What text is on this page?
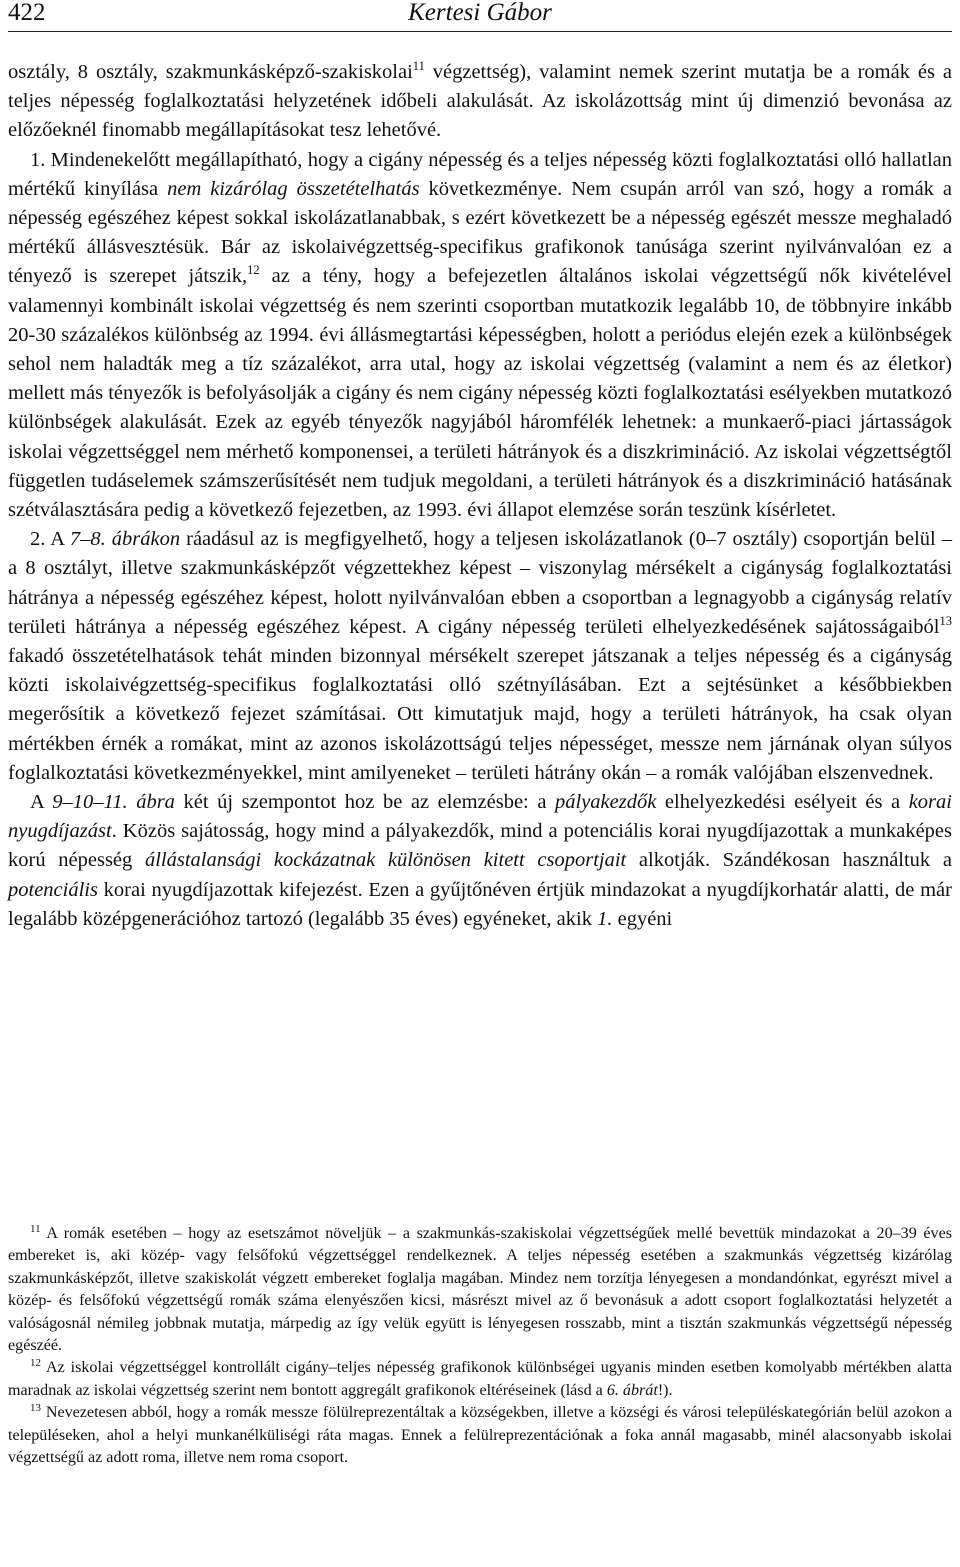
422	Kertesi Gábor

osztály, 8 osztály, szakmunkásképző-szakiskolai$^{11}$ végzettség), valamint nemek szerint mutatja be a romák és a teljes népesség foglalkoztatási helyzetének időbeli alakulását. Az iskolázottság mint új dimenzió bevonása az előzőeknél finomabb megállapításokat tesz lehetővé.

1. Mindenekelőtt megállapítható, hogy a cigány népesség és a teljes népesség közti foglalkoztatási olló hallatlan mértékű kinyílása nem kizárólag összetételhatás következménye. Nem csupán arról van szó, hogy a romák a népesség egészéhez képest sokkal iskolázatlanabbak, s ezért következett be a népesség egészét messze meghaladó mértékű állásvesztésük. Bár az iskolaivégzettség-specifikus grafikonok tanúsága szerint nyilvánvalóan ez a tényező is szerepet játszik,$^{12}$ az a tény, hogy a befejezetlen általános iskolai végzettségű nők kivételével valamennyi kombinált iskolai végzettség és nem szerinti csoportban mutatkozik legalább 10, de többnyire inkább 20-30 százalékos különbség az 1994. évi állásmegtartási képességben, holott a periódus elején ezek a különbségek sehol nem haladták meg a tíz százalékot, arra utal, hogy az iskolai végzettség (valamint a nem és az életkor) mellett más tényezők is befolyásolják a cigány és nem cigány népesség közti foglalkoztatási esélyekben mutatkozó különbségek alakulását. Ezek az egyéb tényezők nagyjából háromfélék lehetnek: a munkaerő-piaci jártasságok iskolai végzettséggel nem mérhető komponensei, a területi hátrányok és a diszkrimináció. Az iskolai végzettségtől független tudáselemek számszerűsítését nem tudjuk megoldani, a területi hátrányok és a diszkrimináció hatásának szétválasztására pedig a következő fejezetben, az 1993. évi állapot elemzése során teszünk kísérletet.

2. A 7–8. ábrákon ráadásul az is megfigyelhető, hogy a teljesen iskolázatlanok (0–7 osztály) csoportján belül – a 8 osztályt, illetve szakmunkásképzőt végzettekhez képest – viszonylag mérsékelt a cigányság foglalkoztatási hátránya a népesség egészéhez képest, holott nyilvánvalóan ebben a csoportban a legnagyobb a cigányság relatív területi hátránya a népesség egészéhez képest. A cigány népesség területi elhelyezkedésének sajátosságaiból$^{13}$ fakadó összetételhatások tehát minden bizonnyal mérsékelt szerepet játszanak a teljes népesség és a cigányság közti iskolaivégzettség-specifikus foglalkoztatási olló szétnyílásában. Ezt a sejtésünket a későbbiekben megerősítik a következő fejezet számításai. Ott kimutatjuk majd, hogy a területi hátrányok, ha csak olyan mértékben érnék a romákat, mint az azonos iskolázottságú teljes népességet, messze nem járnának olyan súlyos foglalkoztatási következményekkel, mint amilyeneket – területi hátrány okán – a romák valójában elszenvednek.

A 9–10–11. ábra két új szempontot hoz be az elemzésbe: a pályakezdők elhelyezkedési esélyeit és a korai nyugdíjazást. Közös sajátosság, hogy mind a pályakezdők, mind a potenciális korai nyugdíjazottak a munkaképes korú népesség állástalansági kockázatnak különösen kitett csoportjait alkotják. Szándékosan használtuk a potenciális korai nyugdíjazottak kifejezést. Ezen a gyűjtőnéven értjük mindazokat a nyugdíjkorhatár alatti, de már legalább középgenerációhoz tartozó (legalább 35 éves) egyéneket, akik 1. egyéni

$^{11}$ A romák esetében – hogy az esetszámot növeljük – a szakmunkás-szakiskolai végzettségűek mellé bevettük mindazokat a 20–39 éves embereket is, aki közép- vagy felsőfokú végzettséggel rendelkeznek. A teljes népesség esetében a szakmunkás végzettség kizárólag szakmunkásképzőt, illetve szakiskolát végzett embereket foglalja magában. Mindez nem torzítja lényegesen a mondandónkat, egyrészt mivel a közép- és felsőfokú végzettségű romák száma elenyészően kicsi, másrészt mivel az ő bevonásuk a adott csoport foglalkoztatási helyzetét a valóságosnál némileg jobbnak mutatja, márpedig az így velük együtt is lényegesen rosszabb, mint a tisztán szakmunkás végzettségű népesség egészéé.

$^{12}$ Az iskolai végzettséggel kontrollált cigány–teljes népesség grafikonok különbségei ugyanis minden esetben komolyabb mértékben alatta maradnak az iskolai végzettség szerint nem bontott aggregált grafikonok eltéréseinek (lásd a 6. ábrát!).

$^{13}$ Nevezetesen abból, hogy a romák messze fölülreprezentáltak a községekben, illetve a községi és városi településkategórián belül azokon a településeken, ahol a helyi munkanélküliségi ráta magas. Ennek a felülreprezentációnak a foka annál magasabb, minél alacsonyabb iskolai végzettségű az adott roma, illetve nem roma csoport.
